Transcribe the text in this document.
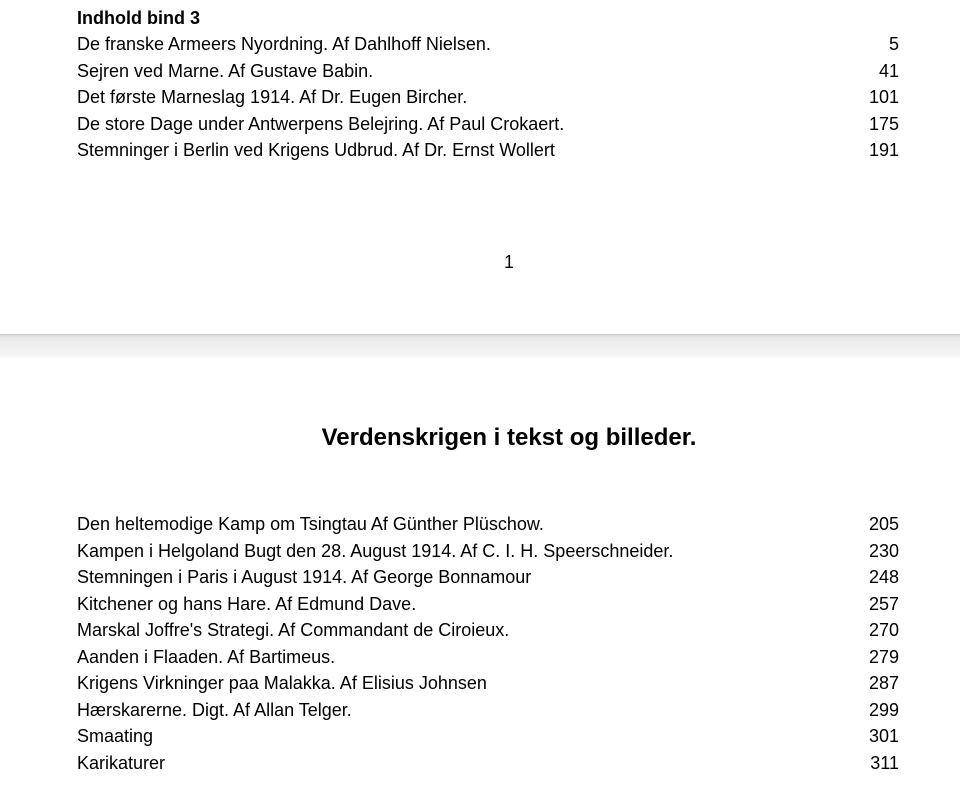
Indhold bind 3
De franske Armeers Nyordning. Af Dahlhoff Nielsen.	5
Sejren ved Marne. Af Gustave Babin.	41
Det første Marneslag 1914. Af Dr. Eugen Bircher.	101
De store Dage under Antwerpens Belejring. Af Paul Crokaert.	175
Stemninger i Berlin ved Krigens Udbrud. Af Dr. Ernst Wollert	191
1
Verdenskrigen i tekst og billeder.
Den heltemodige Kamp om Tsingtau Af Günther Plüschow.	205
Kampen i Helgoland Bugt den 28. August 1914. Af C. I. H. Speerschneider.	230
Stemningen i Paris i August 1914. Af George Bonnamour	248
Kitchener og hans Hare. Af Edmund Dave.	257
Marskal Joffre's Strategi. Af Commandant de Ciroieux.	270
Aanden i Flaaden. Af Bartimeus.	279
Krigens Virkninger paa Malakka. Af Elisius Johnsen	287
Hærskarerne. Digt. Af Allan Telger.	299
Smaating	301
Karikaturer	311
